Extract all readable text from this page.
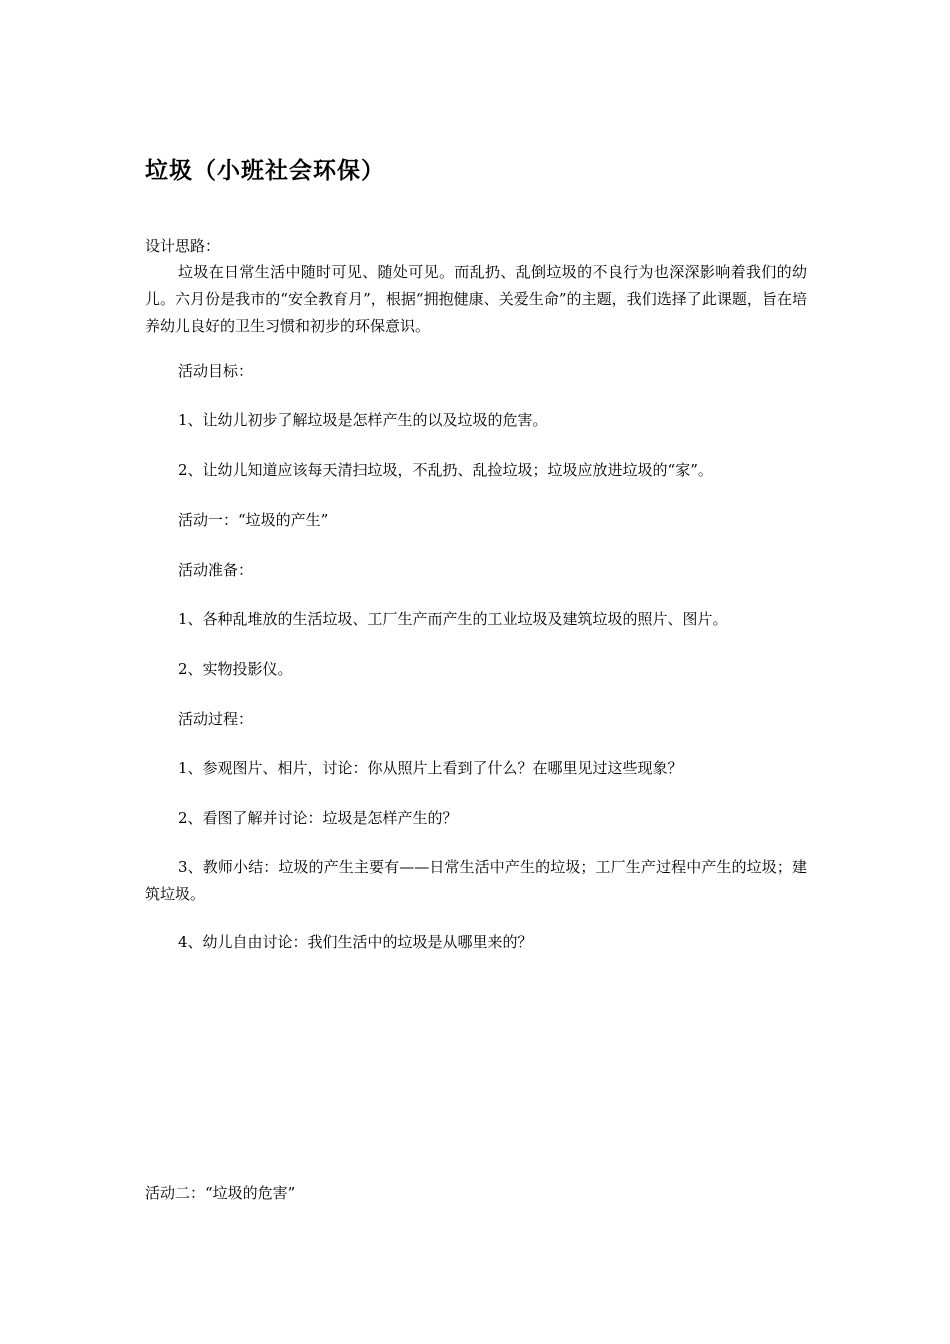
垃圾（小班社会环保）
设计思路：
垃圾在日常生活中随时可见、随处可见。而乱扔、乱倒垃圾的不良行为也深深影响着我们的幼儿。六月份是我市的“安全教育月”，根据“拥抱健康、关爱生命”的主题，我们选择了此课题，旨在培养幼儿良好的卫生习惯和初步的环保意识。
活动目标：
1、让幼儿初步了解垃圾是怎样产生的以及垃圾的危害。
2、让幼儿知道应该每天清扫垃圾，不乱扔、乱捡垃圾；垃圾应放进垃圾的“家”。
活动一：“垃圾的产生”
活动准备：
1、各种乱堆放的生活垃圾、工厂生产而产生的工业垃圾及建筑垃圾的照片、图片。
2、实物投影仪。
活动过程：
1、参观图片、相片，讨论：你从照片上看到了什么？在哪里见过这些现象？
2、看图了解并讨论：垃圾是怎样产生的？
3、教师小结：垃圾的产生主要有——日常生活中产生的垃圾；工厂生产过程中产生的垃圾；建筑垃圾。
4、幼儿自由讨论：我们生活中的垃圾是从哪里来的？
活动二：“垃圾的危害”
